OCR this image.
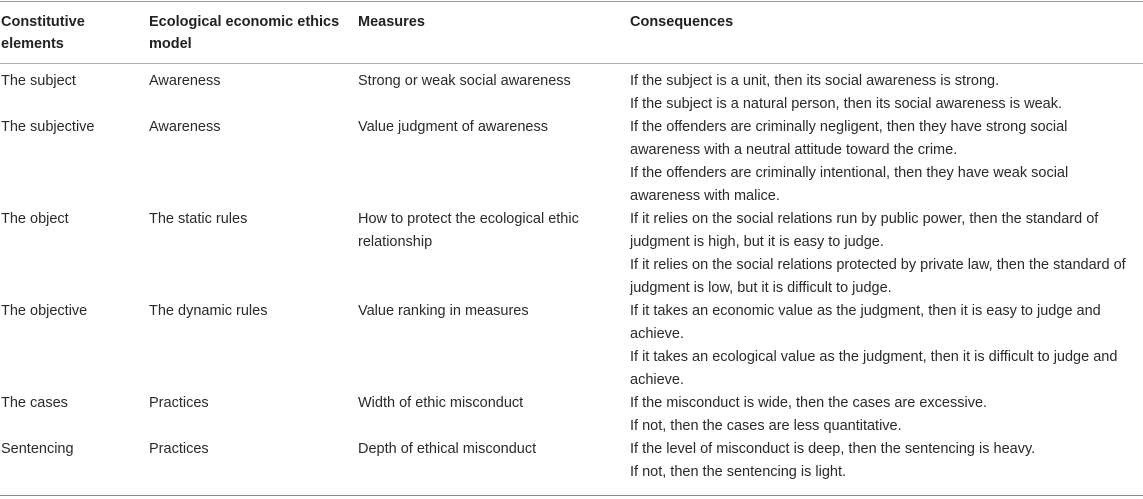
Constitutive elements	Ecological economic ethics model	Measures	Consequences
The subject	Awareness	Strong or weak social awareness	If the subject is a unit, then its social awareness is strong.
If the subject is a natural person, then its social awareness is weak.

The subjective	Awareness	Value judgment of awareness	If the offenders are criminally negligent, then they have strong social awareness with a neutral attitude toward the crime.
If the offenders are criminally intentional, then they have weak social awareness with malice.

The object	The static rules	How to protect the ecological ethic relationship	If it relies on the social relations run by public power, then the standard of judgment is high, but it is easy to judge.
If it relies on the social relations protected by private law, then the standard of judgment is low, but it is difficult to judge.

The objective	The dynamic rules	Value ranking in measures	If it takes an economic value as the judgment, then it is easy to judge and achieve.
If it takes an ecological value as the judgment, then it is difficult to judge and achieve.

The cases	Practices	Width of ethic misconduct	If the misconduct is wide, then the cases are excessive.
If not, then the cases are less quantitative.

Sentencing	Practices	Depth of ethical misconduct	If the level of misconduct is deep, then the sentencing is heavy.
If not, then the sentencing is light.
